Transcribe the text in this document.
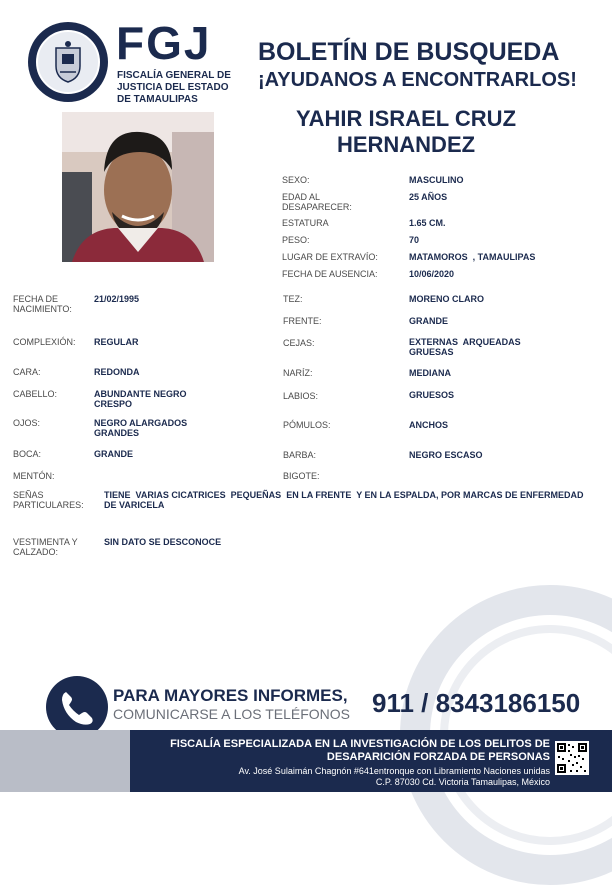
FGJ
FISCALÍA GENERAL DE
JUSTICIA DEL ESTADO
DE TAMAULIPAS
BOLETÍN DE BUSQUEDA
¡AYUDANOS A ENCONTRARLOS!
YAHIR ISRAEL CRUZ
HERNANDEZ
SEXO:	MASCULINO
EDAD AL DESAPARECER:
25 AÑOS
ESTATURA	1.65 CM.
PESO:	70
LUGAR DE EXTRAVÍO:	MATAMOROS  , TAMAULIPAS
FECHA DE AUSENCIA:	10/06/2020
FECHA DE NACIMIENTO:
21/02/1995
COMPLEXIÓN: REGULAR
CARA:	REDONDA
CABELLO:	ABUNDANTE NEGRO CRESPO
OJOS:	NEGRO ALARGADOS GRANDES
BOCA:	GRANDE
MENTÓN:
TEZ:	MORENO CLARO
FRENTE:	GRANDE
CEJAS:	EXTERNAS  ARQUEADAS GRUESAS
NARÍZ:	MEDIANA
LABIOS:	GRUESOS
PÓMULOS:	ANCHOS
BARBA:	NEGRO ESCASO
BIGOTE:
SEÑAS PARTICULARES:
TIENE  VARIAS CICATRICES  PEQUEÑAS  EN LA FRENTE  Y EN LA ESPALDA, POR MARCAS DE ENFERMEDAD DE VARICELA
VESTIMENTA Y CALZADO:
SIN DATO SE DESCONOCE
PARA MAYORES INFORMES,
COMUNICARSE A LOS TELÉFONOS 911 / 8343186150
FISCALÍA ESPECIALIZADA EN LA INVESTIGACIÓN DE LOS DELITOS DE
DESAPARICIÓN FORZADA DE PERSONAS
Av. José Sulaimán Chagnón #641entronque con Libramiento Naciones unidas
C.P. 87030 Cd. Victoria Tamaulipas, México
